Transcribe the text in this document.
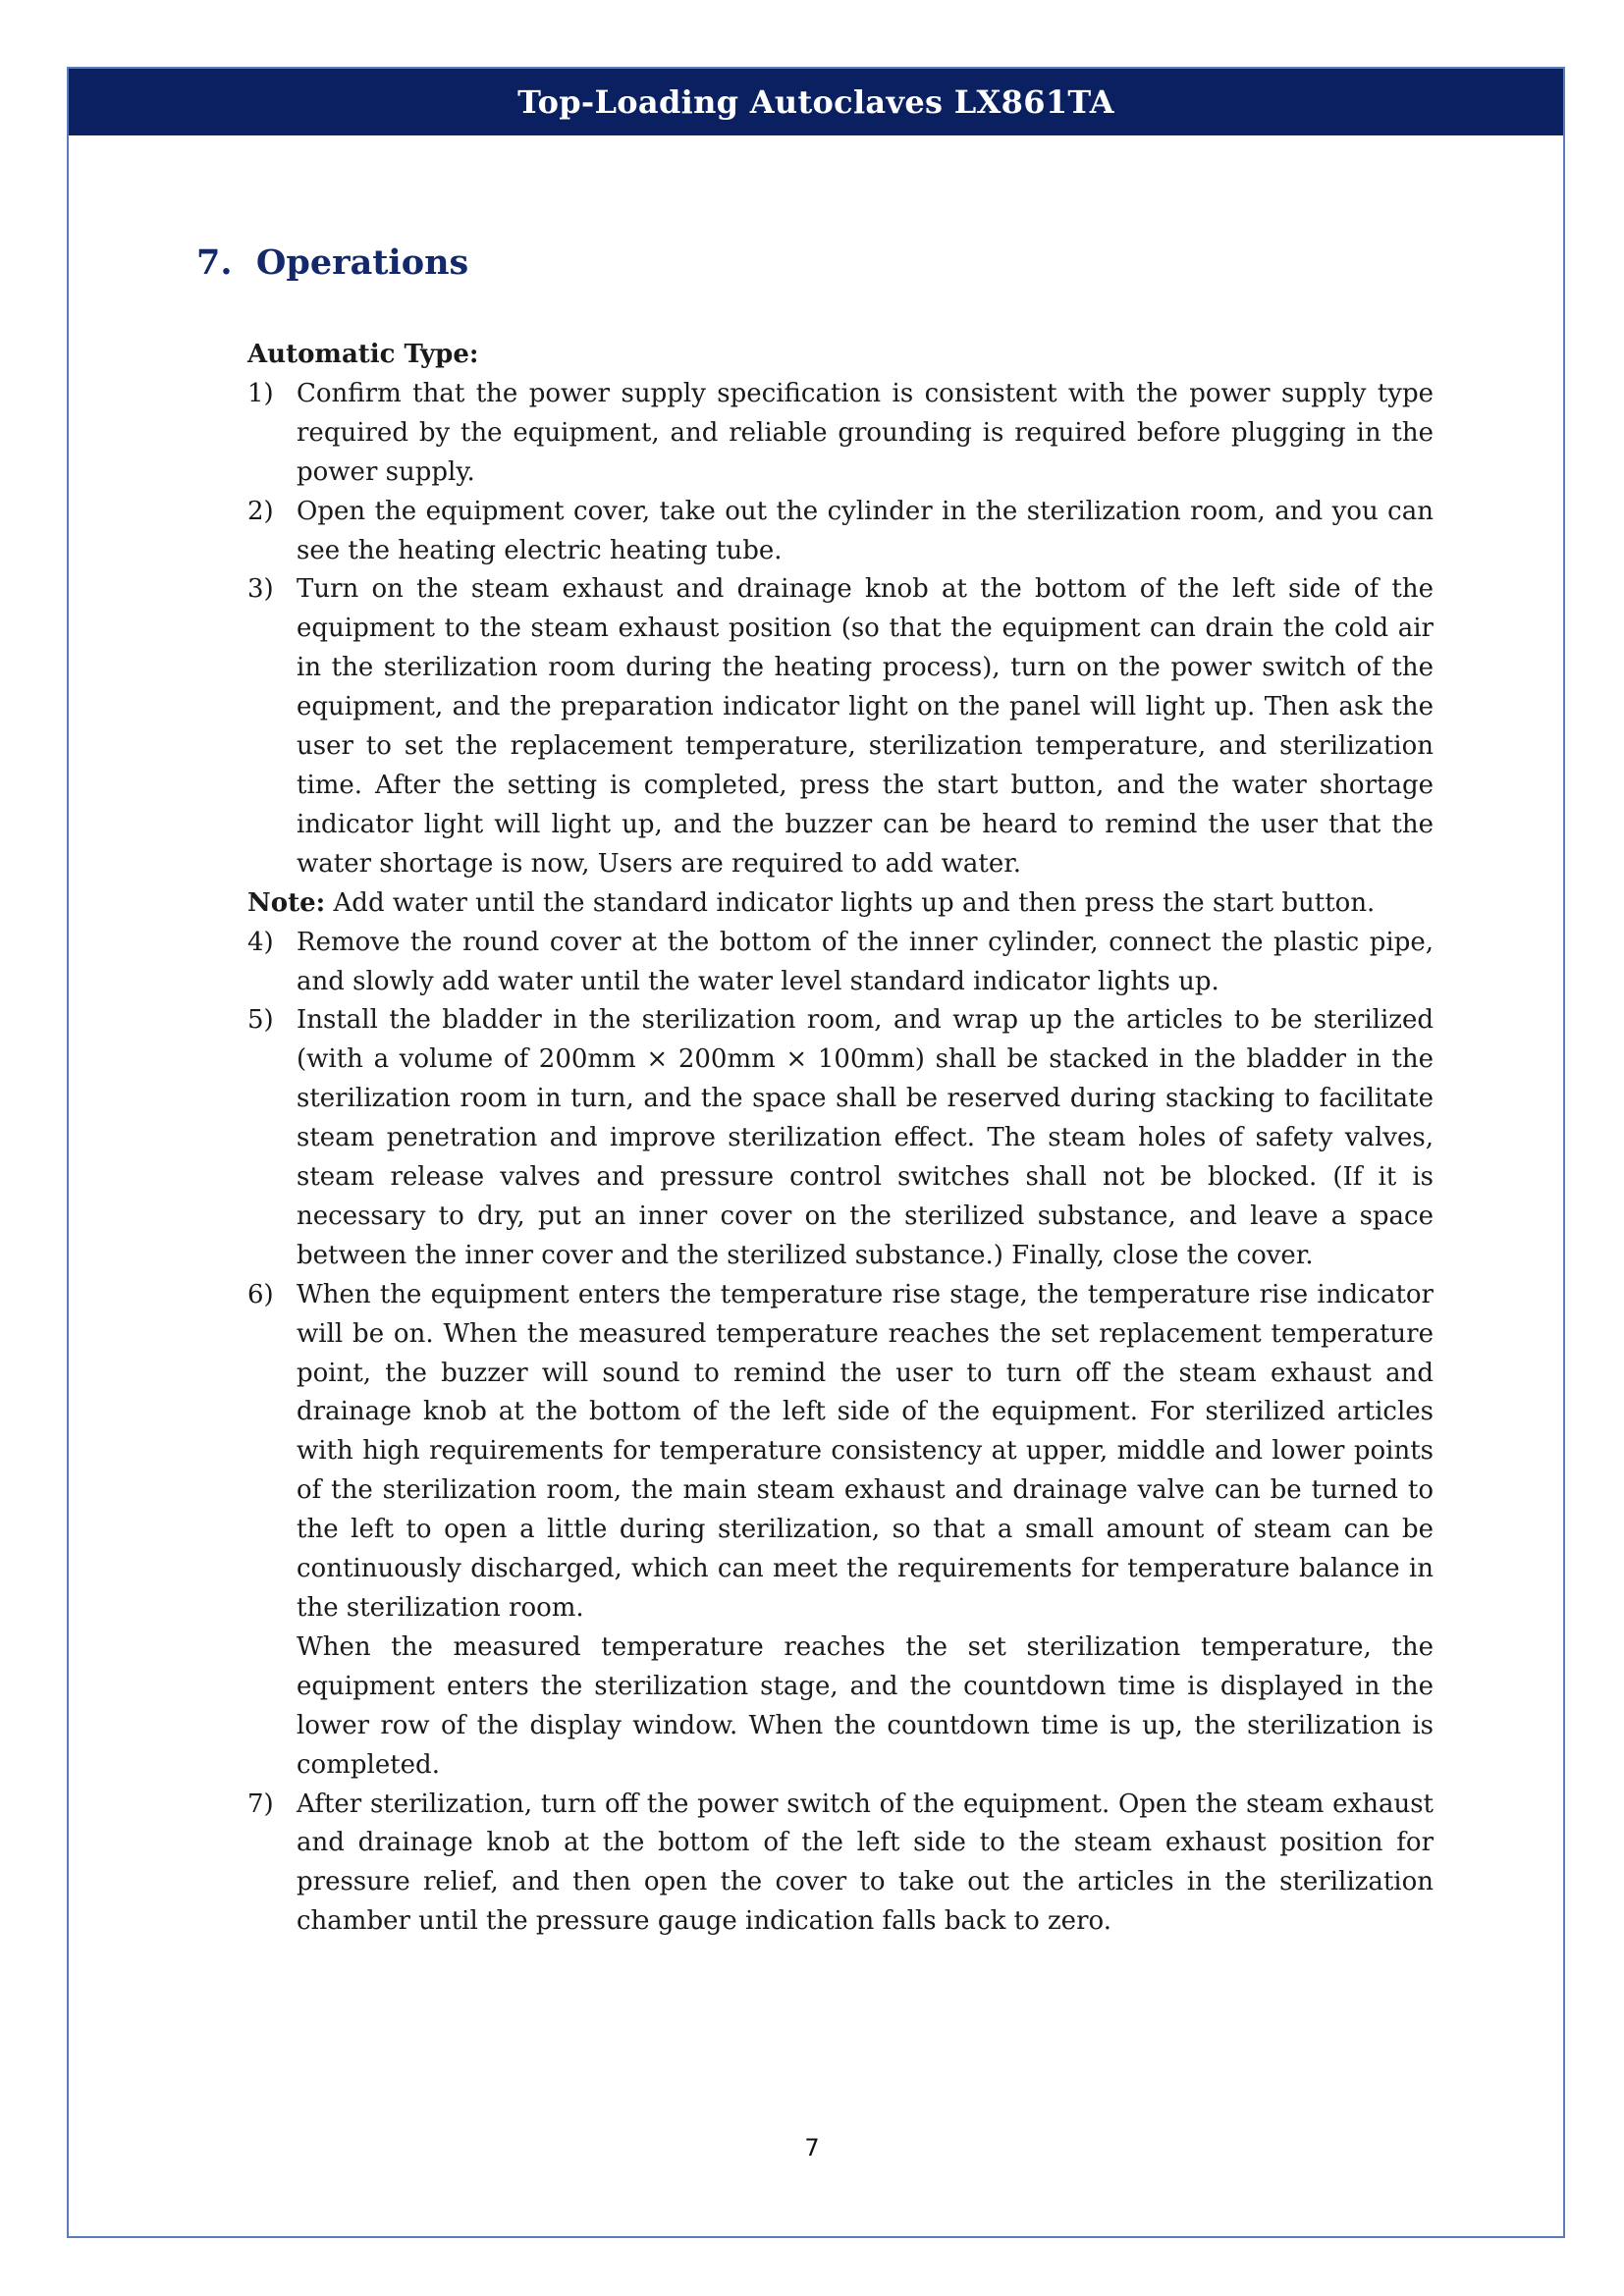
Top-Loading Autoclaves LX861TA
7.  Operations
Automatic Type:
1) Confirm that the power supply specification is consistent with the power supply type required by the equipment, and reliable grounding is required before plugging in the power supply.
2) Open the equipment cover, take out the cylinder in the sterilization room, and you can see the heating electric heating tube.
3) Turn on the steam exhaust and drainage knob at the bottom of the left side of the equipment to the steam exhaust position (so that the equipment can drain the cold air in the sterilization room during the heating process), turn on the power switch of the equipment, and the preparation indicator light on the panel will light up. Then ask the user to set the replacement temperature, sterilization temperature, and sterilization time. After the setting is completed, press the start button, and the water shortage indicator light will light up, and the buzzer can be heard to remind the user that the water shortage is now, Users are required to add water.
Note: Add water until the standard indicator lights up and then press the start button.
4) Remove the round cover at the bottom of the inner cylinder, connect the plastic pipe, and slowly add water until the water level standard indicator lights up.
5) Install the bladder in the sterilization room, and wrap up the articles to be sterilized (with a volume of 200mm × 200mm × 100mm) shall be stacked in the bladder in the sterilization room in turn, and the space shall be reserved during stacking to facilitate steam penetration and improve sterilization effect. The steam holes of safety valves, steam release valves and pressure control switches shall not be blocked. (If it is necessary to dry, put an inner cover on the sterilized substance, and leave a space between the inner cover and the sterilized substance.) Finally, close the cover.
6) When the equipment enters the temperature rise stage, the temperature rise indicator will be on. When the measured temperature reaches the set replacement temperature point, the buzzer will sound to remind the user to turn off the steam exhaust and drainage knob at the bottom of the left side of the equipment. For sterilized articles with high requirements for temperature consistency at upper, middle and lower points of the sterilization room, the main steam exhaust and drainage valve can be turned to the left to open a little during sterilization, so that a small amount of steam can be continuously discharged, which can meet the requirements for temperature balance in the sterilization room.
When the measured temperature reaches the set sterilization temperature, the equipment enters the sterilization stage, and the countdown time is displayed in the lower row of the display window. When the countdown time is up, the sterilization is completed.
7) After sterilization, turn off the power switch of the equipment. Open the steam exhaust and drainage knob at the bottom of the left side to the steam exhaust position for pressure relief, and then open the cover to take out the articles in the sterilization chamber until the pressure gauge indication falls back to zero.
7
